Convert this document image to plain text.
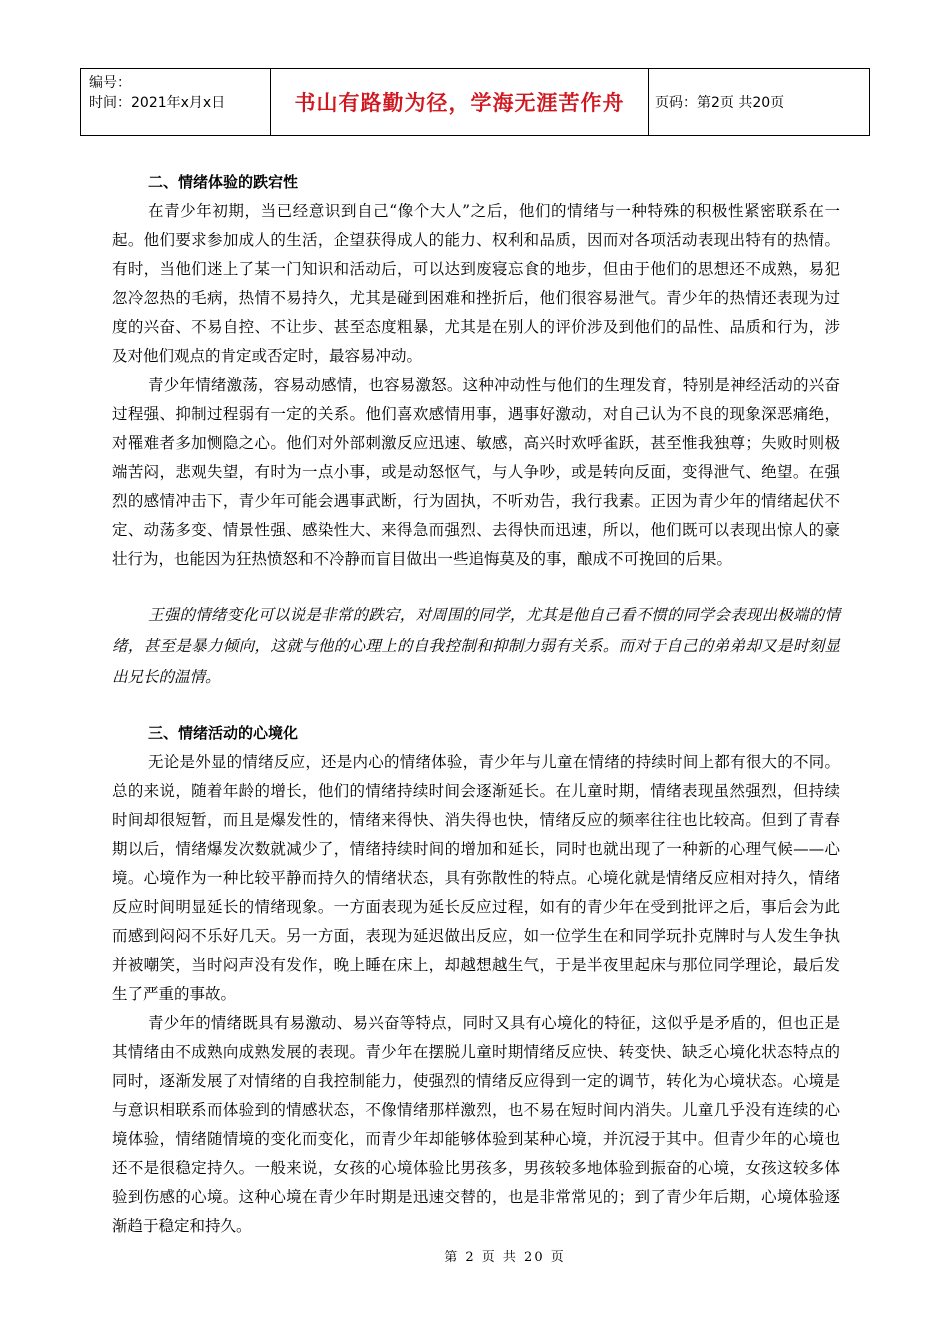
编号：
时间：2021年x月x日	书山有路勤为径，学海无涯苦作舟	页码：第2页 共20页

二、情绪体验的跌宕性

在青少年初期，当已经意识到自己“像个大人”之后，他们的情绪与一种特殊的积极性紧密联系在一起。他们要求参加成人的生活，企望获得成人的能力、权利和品质，因而对各项活动表现出特有的热情。有时，当他们迷上了某一门知识和活动后，可以达到废寝忘食的地步，但由于他们的思想还不成熟，易犯忽冷忽热的毛病，热情不易持久，尤其是碰到困难和挫折后，他们很容易泄气。青少年的热情还表现为过度的兴奋、不易自控、不让步、甚至态度粗暴，尤其是在别人的评价涉及到他们的品性、品质和行为，涉及对他们观点的肯定或否定时，最容易冲动。

青少年情绪激荡，容易动感情，也容易激怒。这种冲动性与他们的生理发育，特别是神经活动的兴奋过程强、抑制过程弱有一定的关系。他们喜欢感情用事，遇事好激动，对自己认为不良的现象深恶痛绝，对罹难者多加恻隐之心。他们对外部刺激反应迅速、敏感，高兴时欢呼雀跃，甚至惟我独尊；失败时则极端苦闷，悲观失望，有时为一点小事，或是动怒怄气，与人争吵，或是转向反面，变得泄气、绝望。在强烈的感情冲击下，青少年可能会遇事武断，行为固执，不听劝告，我行我素。正因为青少年的情绪起伏不定、动荡多变、情景性强、感染性大、来得急而强烈、去得快而迅速，所以，他们既可以表现出惊人的豪壮行为，也能因为狂热愤怒和不冷静而盲目做出一些追悔莫及的事，酿成不可挽回的后果。

王强的情绪变化可以说是非常的跌宕，对周围的同学，尤其是他自己看不惯的同学会表现出极端的情绪，甚至是暴力倾向，这就与他的心理上的自我控制和抑制力弱有关系。而对于自己的弟弟却又是时刻显出兄长的温情。

三、情绪活动的心境化

无论是外显的情绪反应，还是内心的情绪体验，青少年与儿童在情绪的持续时间上都有很大的不同。总的来说，随着年龄的增长，他们的情绪持续时间会逐渐延长。在儿童时期，情绪表现虽然强烈，但持续时间却很短暂，而且是爆发性的，情绪来得快、消失得也快，情绪反应的频率往往也比较高。但到了青春期以后，情绪爆发次数就减少了，情绪持续时间的增加和延长，同时也就出现了一种新的心理气候——心境。心境作为一种比较平静而持久的情绪状态，具有弥散性的特点。心境化就是情绪反应相对持久，情绪反应时间明显延长的情绪现象。一方面表现为延长反应过程，如有的青少年在受到批评之后，事后会为此而感到闷闷不乐好几天。另一方面，表现为延迟做出反应，如一位学生在和同学玩扑克牌时与人发生争执并被嘲笑，当时闷声没有发作，晚上睡在床上，却越想越生气，于是半夜里起床与那位同学理论，最后发生了严重的事故。

青少年的情绪既具有易激动、易兴奋等特点，同时又具有心境化的特征，这似乎是矛盾的，但也正是其情绪由不成熟向成熟发展的表现。青少年在摆脱儿童时期情绪反应快、转变快、缺乏心境化状态特点的同时，逐渐发展了对情绪的自我控制能力，使强烈的情绪反应得到一定的调节，转化为心境状态。心境是与意识相联系而体验到的情感状态，不像情绪那样激烈，也不易在短时间内消失。儿童几乎没有连续的心境体验，情绪随情境的变化而变化，而青少年却能够体验到某种心境，并沉浸于其中。但青少年的心境也还不是很稳定持久。一般来说，女孩的心境体验比男孩多，男孩较多地体验到振奋的心境，女孩这较多体验到伤感的心境。这种心境在青少年时期是迅速交替的，也是非常常见的；到了青少年后期，心境体验逐渐趋于稳定和持久。

第 2 页 共 20 页
